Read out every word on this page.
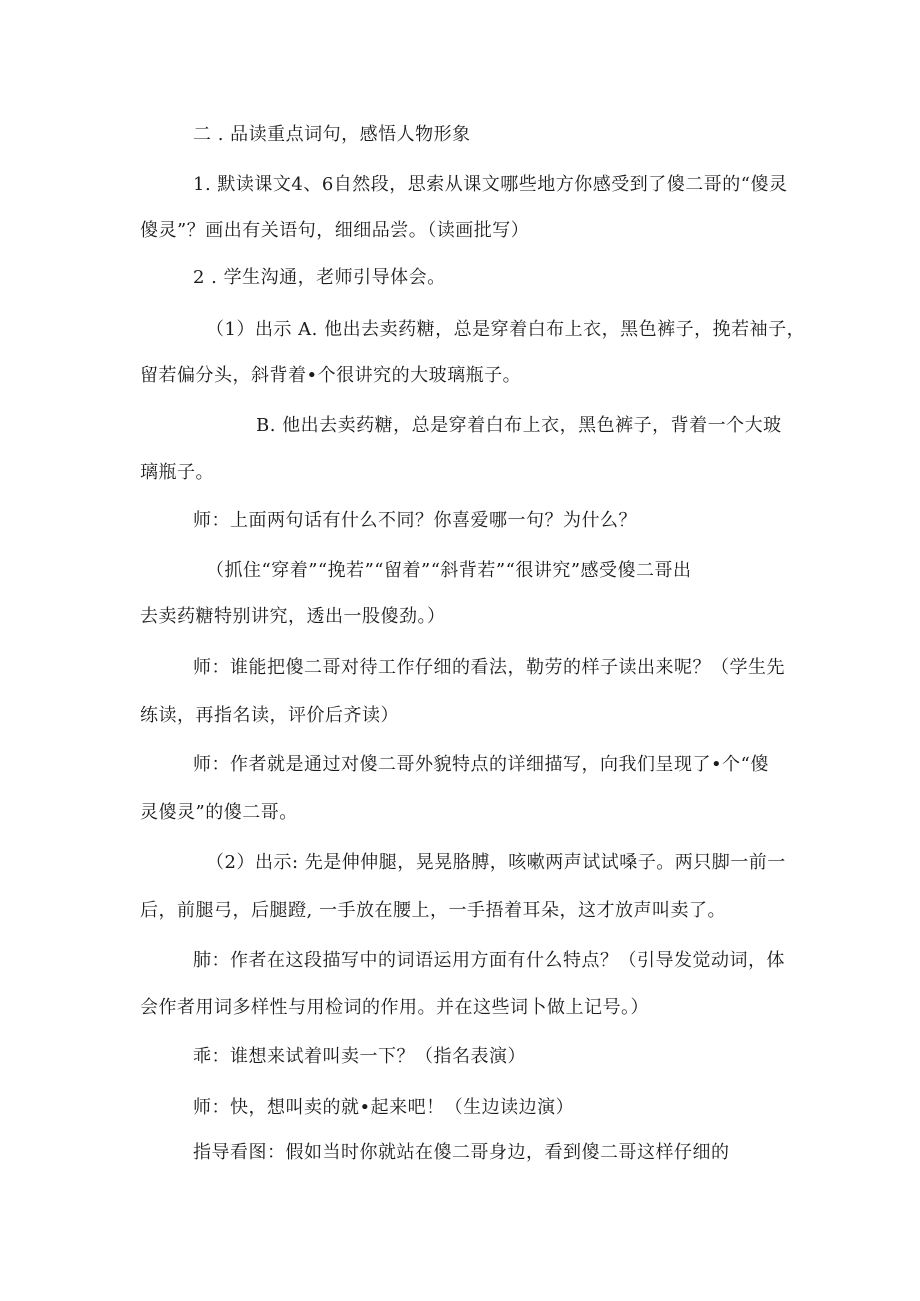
二 . 品读重点词句，感悟人物形象
1. 默读课文4、6自然段，思索从课文哪些地方你感受到了傻二哥的“傻灵
傻灵”？画出有关语句，细细品尝。（读画批写）
2 . 学生沟通，老师引导体会。
（1）出示 A. 他出去卖药糖，总是穿着白布上衣，黑色裤子，挽若袖子，
留若偏分头，斜背着•个很讲究的大玻璃瓶子。
B. 他出去卖药糖，总是穿着白布上衣，黑色裤子，背着一个大玻
璃瓶子。
师：上面两句话有什么不同？你喜爱哪一句？为什么？
（抓住“穿着”“挽若”“留着”“斜背若”“很讲究”感受傻二哥出
去卖药糖特别讲究，透出一股傻劲。）
师：谁能把傻二哥对待工作仔细的看法，勒劳的样子读出来呢？（学生先
练读，再指名读，评价后齐读）
师：作者就是通过对傻二哥外貌特点的详细描写，向我们呈现了•个“傻
灵傻灵”的傻二哥。
（2）出示: 先是伸伸腿，晃晃胳膊，咳嗽两声试试嗓子。两只脚一前一
后，前腿弓，后腿蹬, 一手放在腰上，一手捂着耳朵，这才放声叫卖了。
肺：作者在这段描写中的词语运用方面有什么特点？（引导发觉动词，体
会作者用词多样性与用检词的作用。并在这些词卜做上记号。）
乖：谁想来试着叫卖一下？（指名表演）
师：快，想叫卖的就•起来吧！（生边读边演）
指导看图：假如当时你就站在傻二哥身边，看到傻二哥这样仔细的
